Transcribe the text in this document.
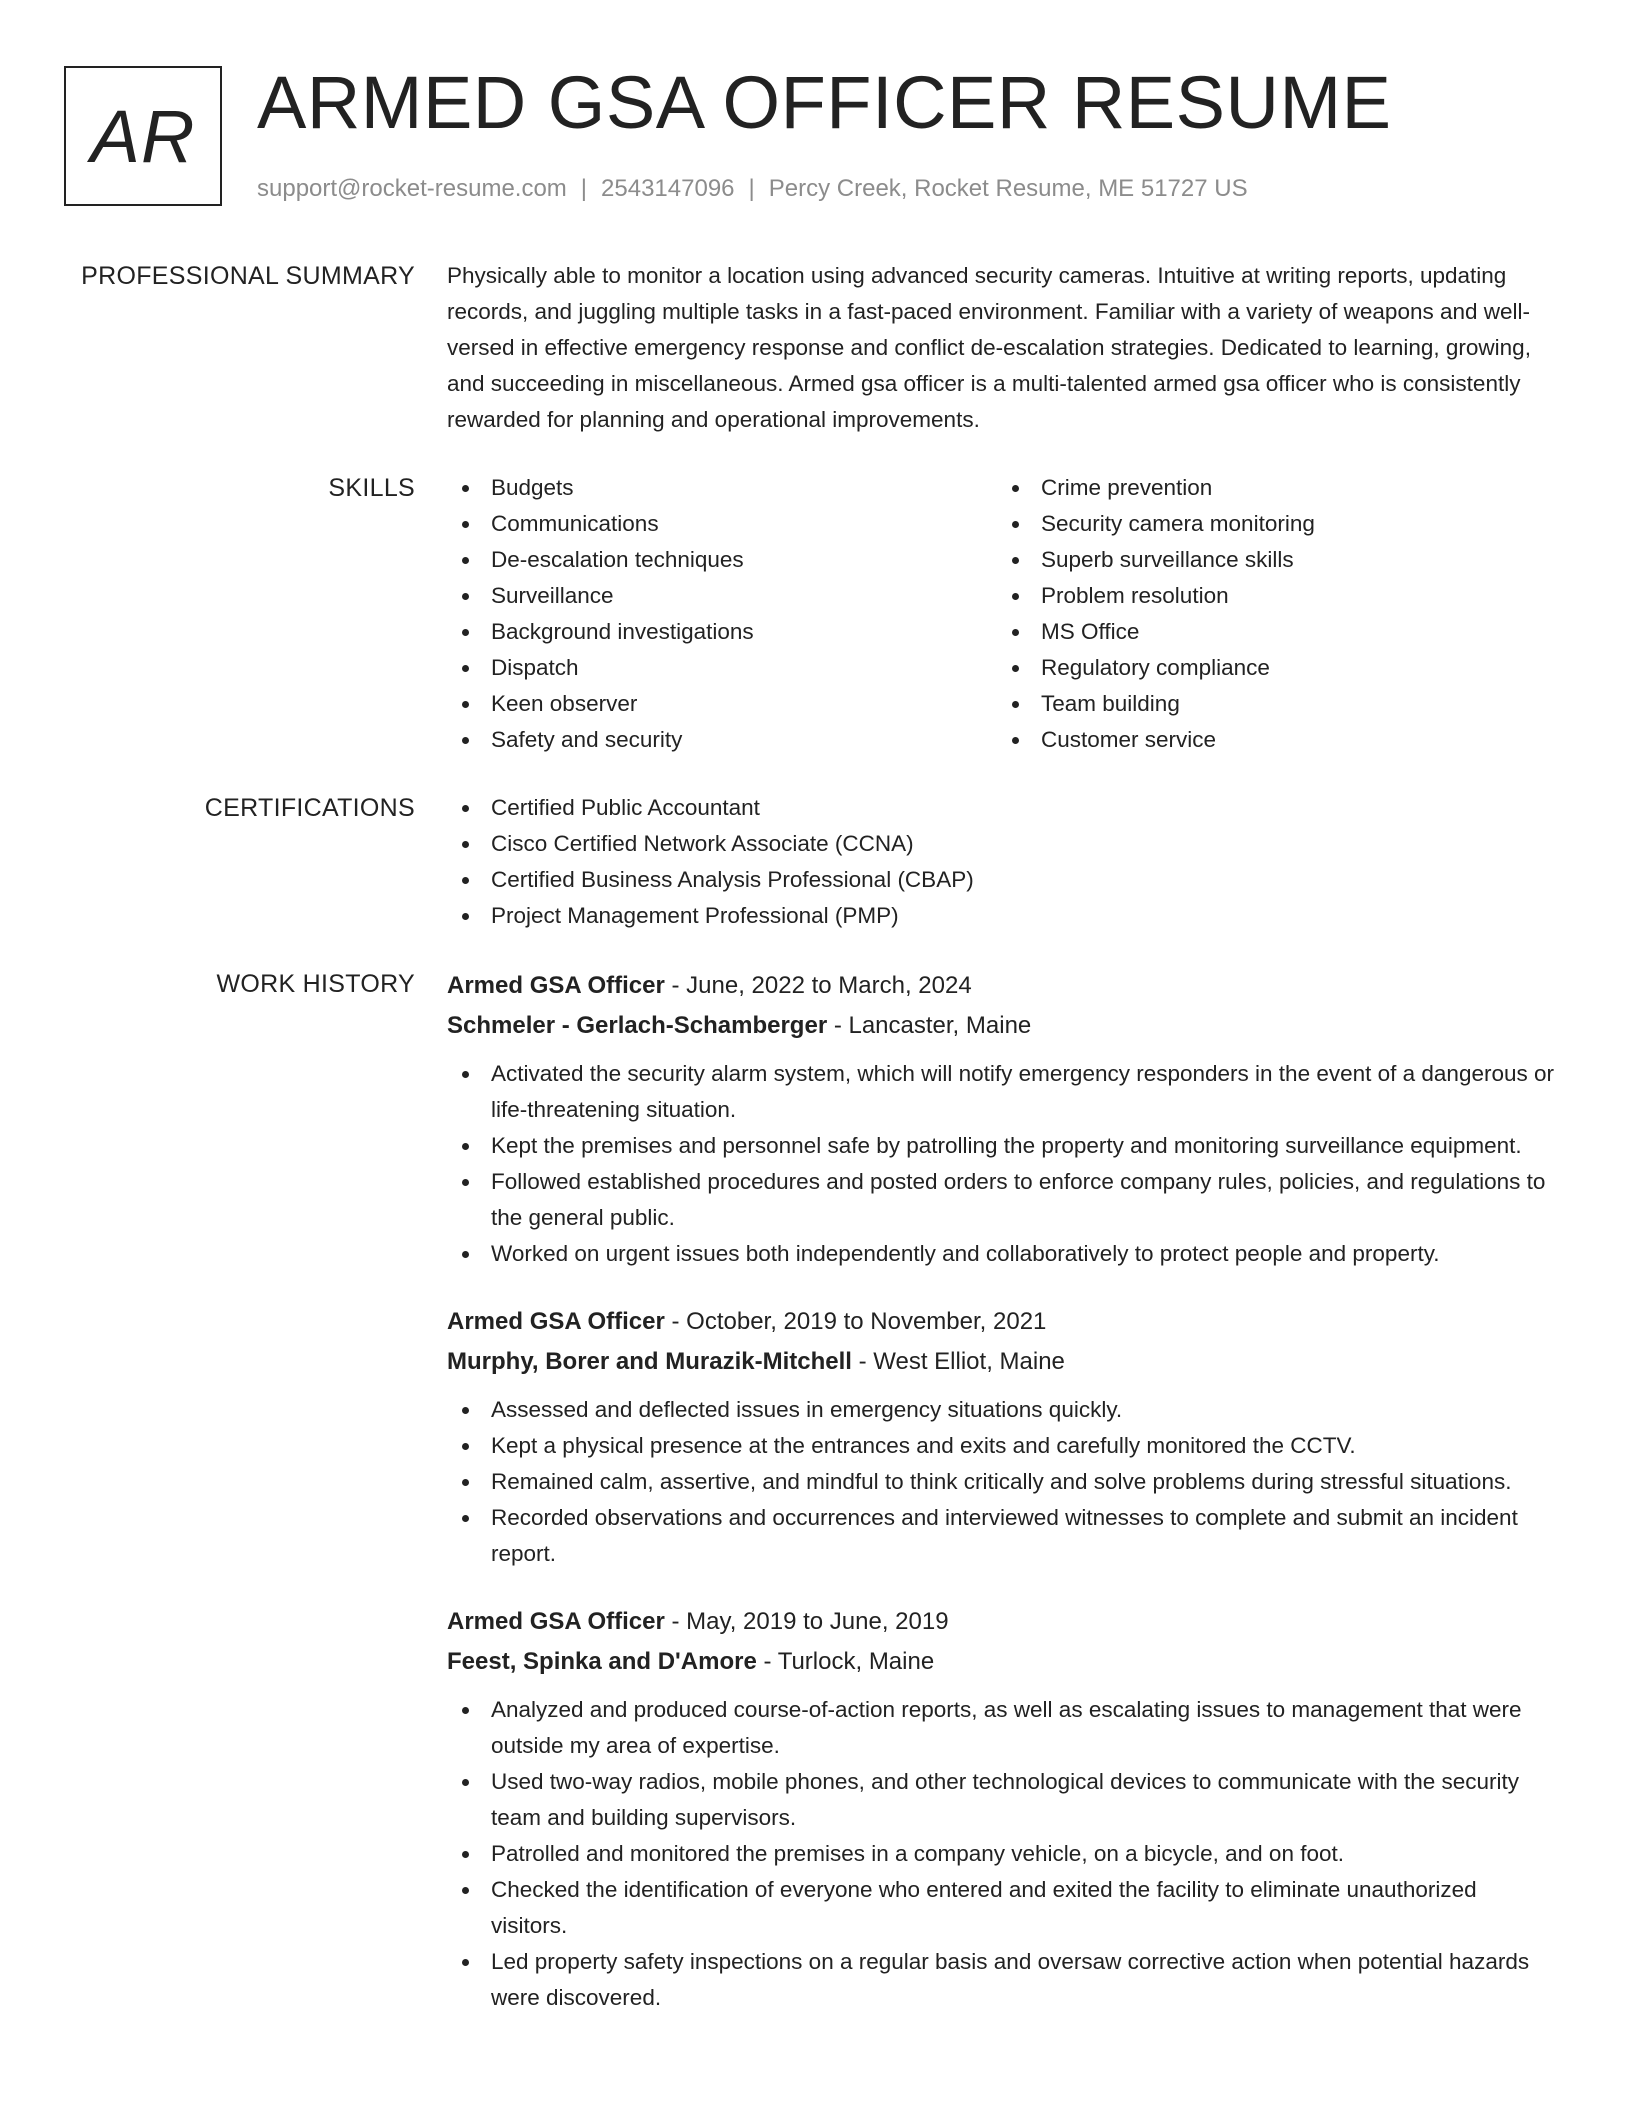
AR ARMED GSA OFFICER RESUME
support@rocket-resume.com | 2543147096 | Percy Creek, Rocket Resume, ME 51727 US
PROFESSIONAL SUMMARY Physically able to monitor a location using advanced security cameras. Intuitive at writing reports, updating records, and juggling multiple tasks in a fast-paced environment. Familiar with a variety of weapons and well-versed in effective emergency response and conflict de-escalation strategies. Dedicated to learning, growing, and succeeding in miscellaneous. Armed gsa officer is a multi-talented armed gsa officer who is consistently rewarded for planning and operational improvements.

SKILLS	Budgets
Communications
De-escalation techniques
Surveillance
Background investigations
Dispatch
Keen observer
Safety and security
Crime prevention
Security camera monitoring
Superb surveillance skills
Problem resolution
MS Office
Regulatory compliance
Team building
Customer service
CERTIFICATIONS	Certified Public Accountant
Cisco Certified Network Associate (CCNA)
Certified Business Analysis Professional (CBAP)
Project Management Professional (PMP)
WORK HISTORY Armed GSA Officer - June, 2022 to March, 2024
Schmeler - Gerlach-Schamberger - Lancaster, Maine
Activated the security alarm system, which will notify emergency responders in the event of a dangerous or life-threatening situation.
Kept the premises and personnel safe by patrolling the property and monitoring surveillance equipment.
Followed established procedures and posted orders to enforce company rules, policies, and regulations to the general public.
Worked on urgent issues both independently and collaboratively to protect people and property.
Armed GSA Officer - October, 2019 to November, 2021
Murphy, Borer and Murazik-Mitchell - West Elliot, Maine
Assessed and deflected issues in emergency situations quickly.
Kept a physical presence at the entrances and exits and carefully monitored the CCTV.
Remained calm, assertive, and mindful to think critically and solve problems during stressful situations.
Recorded observations and occurrences and interviewed witnesses to complete and submit an incident report.
Armed GSA Officer - May, 2019 to June, 2019
Feest, Spinka and D'Amore - Turlock, Maine
Analyzed and produced course-of-action reports, as well as escalating issues to management that were outside my area of expertise.
Used two-way radios, mobile phones, and other technological devices to communicate with the security team and building supervisors.
Patrolled and monitored the premises in a company vehicle, on a bicycle, and on foot.
Checked the identification of everyone who entered and exited the facility to eliminate unauthorized visitors.
Led property safety inspections on a regular basis and oversaw corrective action when potential hazards were discovered.
